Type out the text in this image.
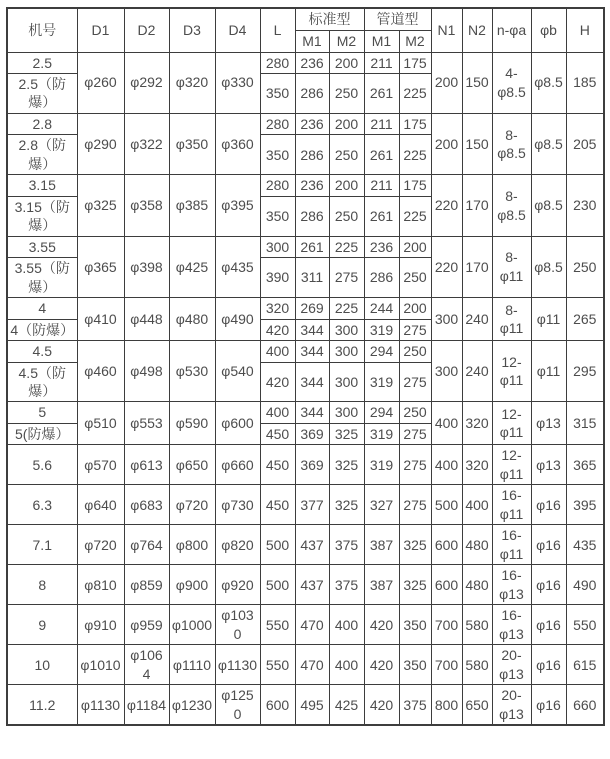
机号	D1	D2	D3	D4	L	标准型		管道型		N1	N2	n-φa	φb	H
						M1	M2	M1	M2					
2.5	φ260	φ292	φ320	φ330	280	236	200	211	175	200	150	4-φ8.5	φ8.5	185
2.5（防爆）					350	286	250	261	225					
2.8	φ290	φ322	φ350	φ360	280	236	200	211	175	200	150	8-φ8.5	φ8.5	205
2.8（防爆）					350	286	250	261	225					
3.15	φ325	φ358	φ385	φ395	280	236	200	211	175	220	170	8-φ8.5	φ8.5	230
3.15（防爆）					350	286	250	261	225					
3.55	φ365	φ398	φ425	φ435	300	261	225	236	200	220	170	8-φ11	φ8.5	250
3.55（防爆）					390	311	275	286	250					
4	φ410	φ448	φ480	φ490	320	269	225	244	200	300	240	8-φ11	φ11	265
4（防爆）					420	344	300	319	275					
4.5	φ460	φ498	φ530	φ540	400	344	300	294	250	300	240	12-φ11	φ11	295
4.5（防爆）					420	344	300	319	275					
5	φ510	φ553	φ590	φ600	400	344	300	294	250	400	320	12-φ11	φ13	315
5(防爆）					450	369	325	319	275					
5.6	φ570	φ613	φ650	φ660	450	369	325	319	275	400	320	12-φ11	φ13	365
6.3	φ640	φ683	φ720	φ730	450	377	325	327	275	500	400	16-φ11	φ16	395
7.1	φ720	φ764	φ800	φ820	500	437	375	387	325	600	480	16-φ11	φ16	435
8	φ810	φ859	φ900	φ920	500	437	375	387	325	600	480	16-φ13	φ16	490
9	φ910	φ959	φ1000	φ1030	550	470	400	420	350	700	580	16-φ13	φ16	550
10	φ1010	φ1064	φ1110	φ1130	550	470	400	420	350	700	580	20-φ13	φ16	615
11.2	φ1130	φ1184	φ1230	φ1250	600	495	425	420	375	800	650	20-φ13	φ16	660
